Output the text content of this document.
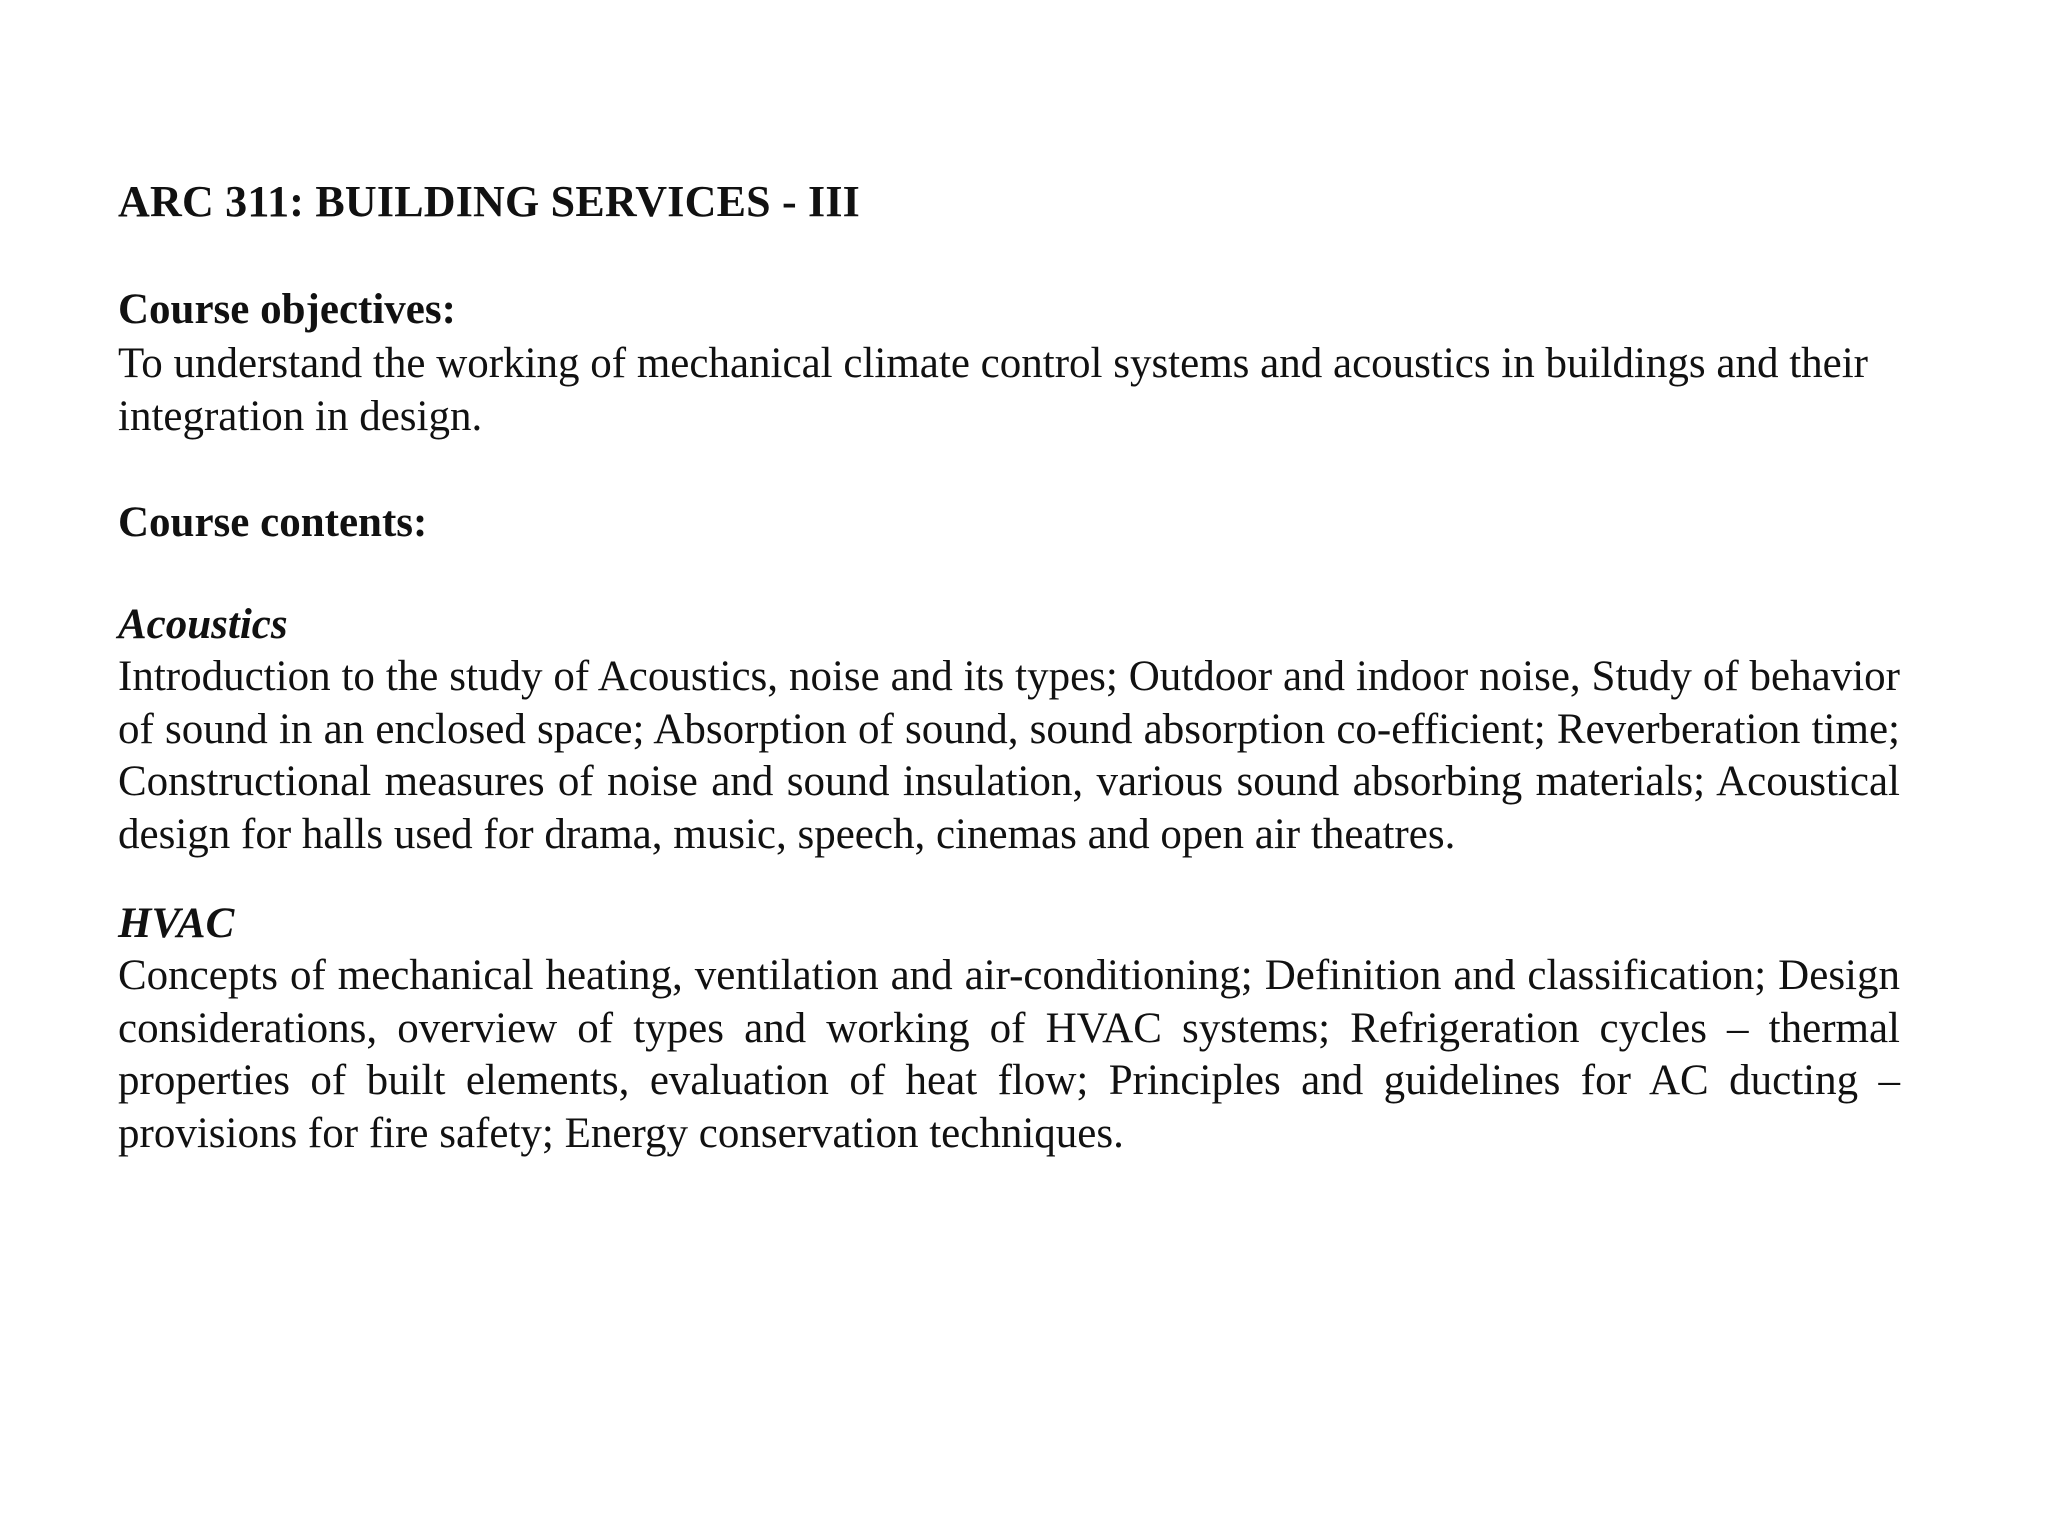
ARC 311: BUILDING SERVICES - III
Course objectives:

To understand the working of mechanical climate control systems and acoustics in buildings and their integration in design.

Course contents:
Acoustics

Introduction to the study of Acoustics, noise and its types; Outdoor and indoor noise, Study of behavior of sound in an enclosed space; Absorption of sound, sound absorption co-efficient; Reverberation time; Constructional measures of noise and sound insulation, various sound absorbing materials; Acoustical design for halls used for drama, music, speech, cinemas and open air theatres.

HVAC

Concepts of mechanical heating, ventilation and air-conditioning; Definition and classification; Design considerations, overview of types and working of HVAC systems; Refrigeration cycles – thermal properties of built elements, evaluation of heat flow; Principles and guidelines for AC ducting – provisions for fire safety; Energy conservation techniques.
